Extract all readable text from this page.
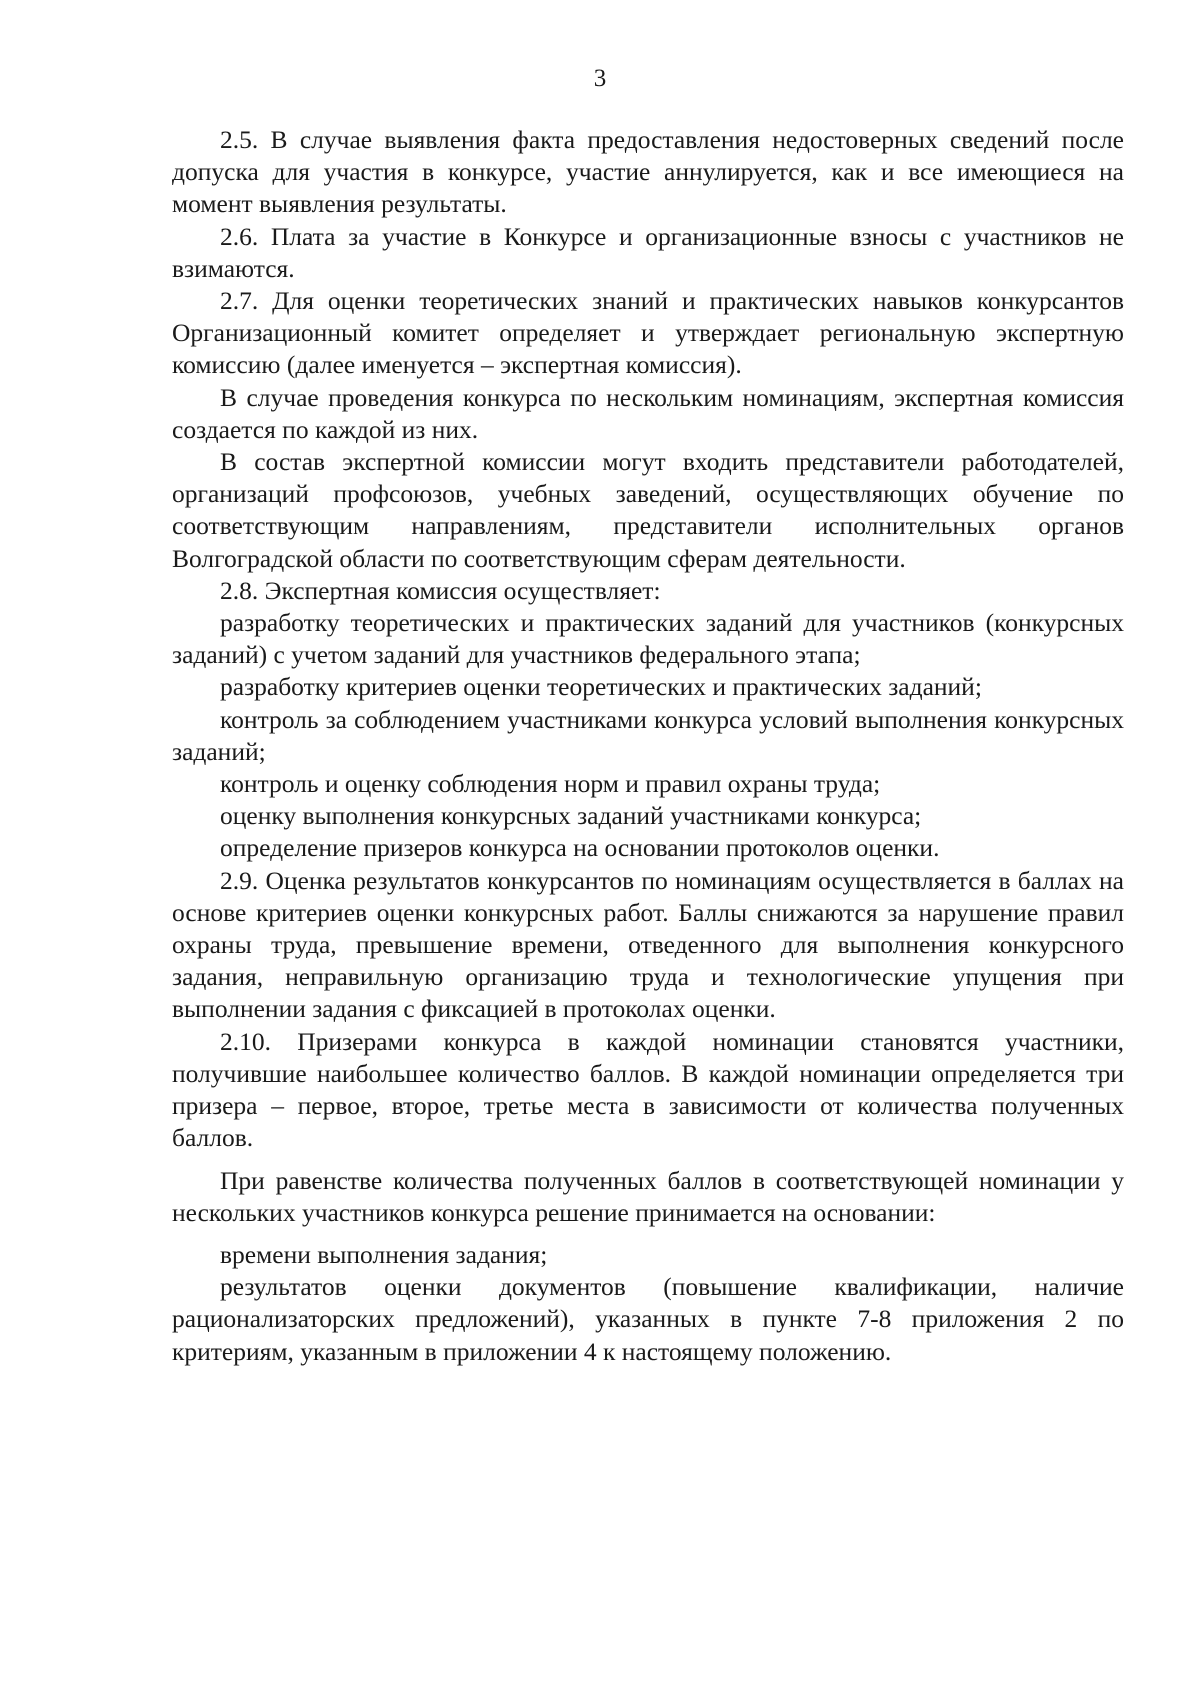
3

2.5. В случае выявления факта предоставления недостоверных сведений после допуска для участия в конкурсе, участие аннулируется, как и все имеющиеся на момент выявления результаты.

2.6. Плата за участие в Конкурсе и организационные взносы с участников не взимаются.

2.7. Для оценки теоретических знаний и практических навыков конкурсантов Организационный комитет определяет и утверждает региональную экспертную комиссию (далее именуется – экспертная комиссия).

В случае проведения конкурса по нескольким номинациям, экспертная комиссия создается по каждой из них.

В состав экспертной комиссии могут входить представители работодателей, организаций профсоюзов, учебных заведений, осуществляющих обучение по соответствующим направлениям, представители исполнительных органов Волгоградской области по соответствующим сферам деятельности.

2.8. Экспертная комиссия осуществляет:

разработку теоретических и практических заданий для участников (конкурсных заданий) с учетом заданий для участников федерального этапа;

разработку критериев оценки теоретических и практических заданий;

контроль за соблюдением участниками конкурса условий выполнения конкурсных заданий;

контроль и оценку соблюдения норм и правил охраны труда;

оценку выполнения конкурсных заданий участниками конкурса;

определение призеров конкурса на основании протоколов оценки.

2.9. Оценка результатов конкурсантов по номинациям осуществляется в баллах на основе критериев оценки конкурсных работ. Баллы снижаются за нарушение правил охраны труда, превышение времени, отведенного для выполнения конкурсного задания, неправильную организацию труда и технологические упущения при выполнении задания с фиксацией в протоколах оценки.

2.10. Призерами конкурса в каждой номинации становятся участники, получившие наибольшее количество баллов. В каждой номинации определяется три призера – первое, второе, третье места в зависимости от количества полученных баллов.

При равенстве количества полученных баллов в соответствующей номинации у нескольких участников конкурса решение принимается на основании:

времени выполнения задания;

результатов оценки документов (повышение квалификации, наличие рационализаторских предложений), указанных в пункте 7-8 приложения 2 по критериям, указанным в приложении 4 к настоящему положению.
